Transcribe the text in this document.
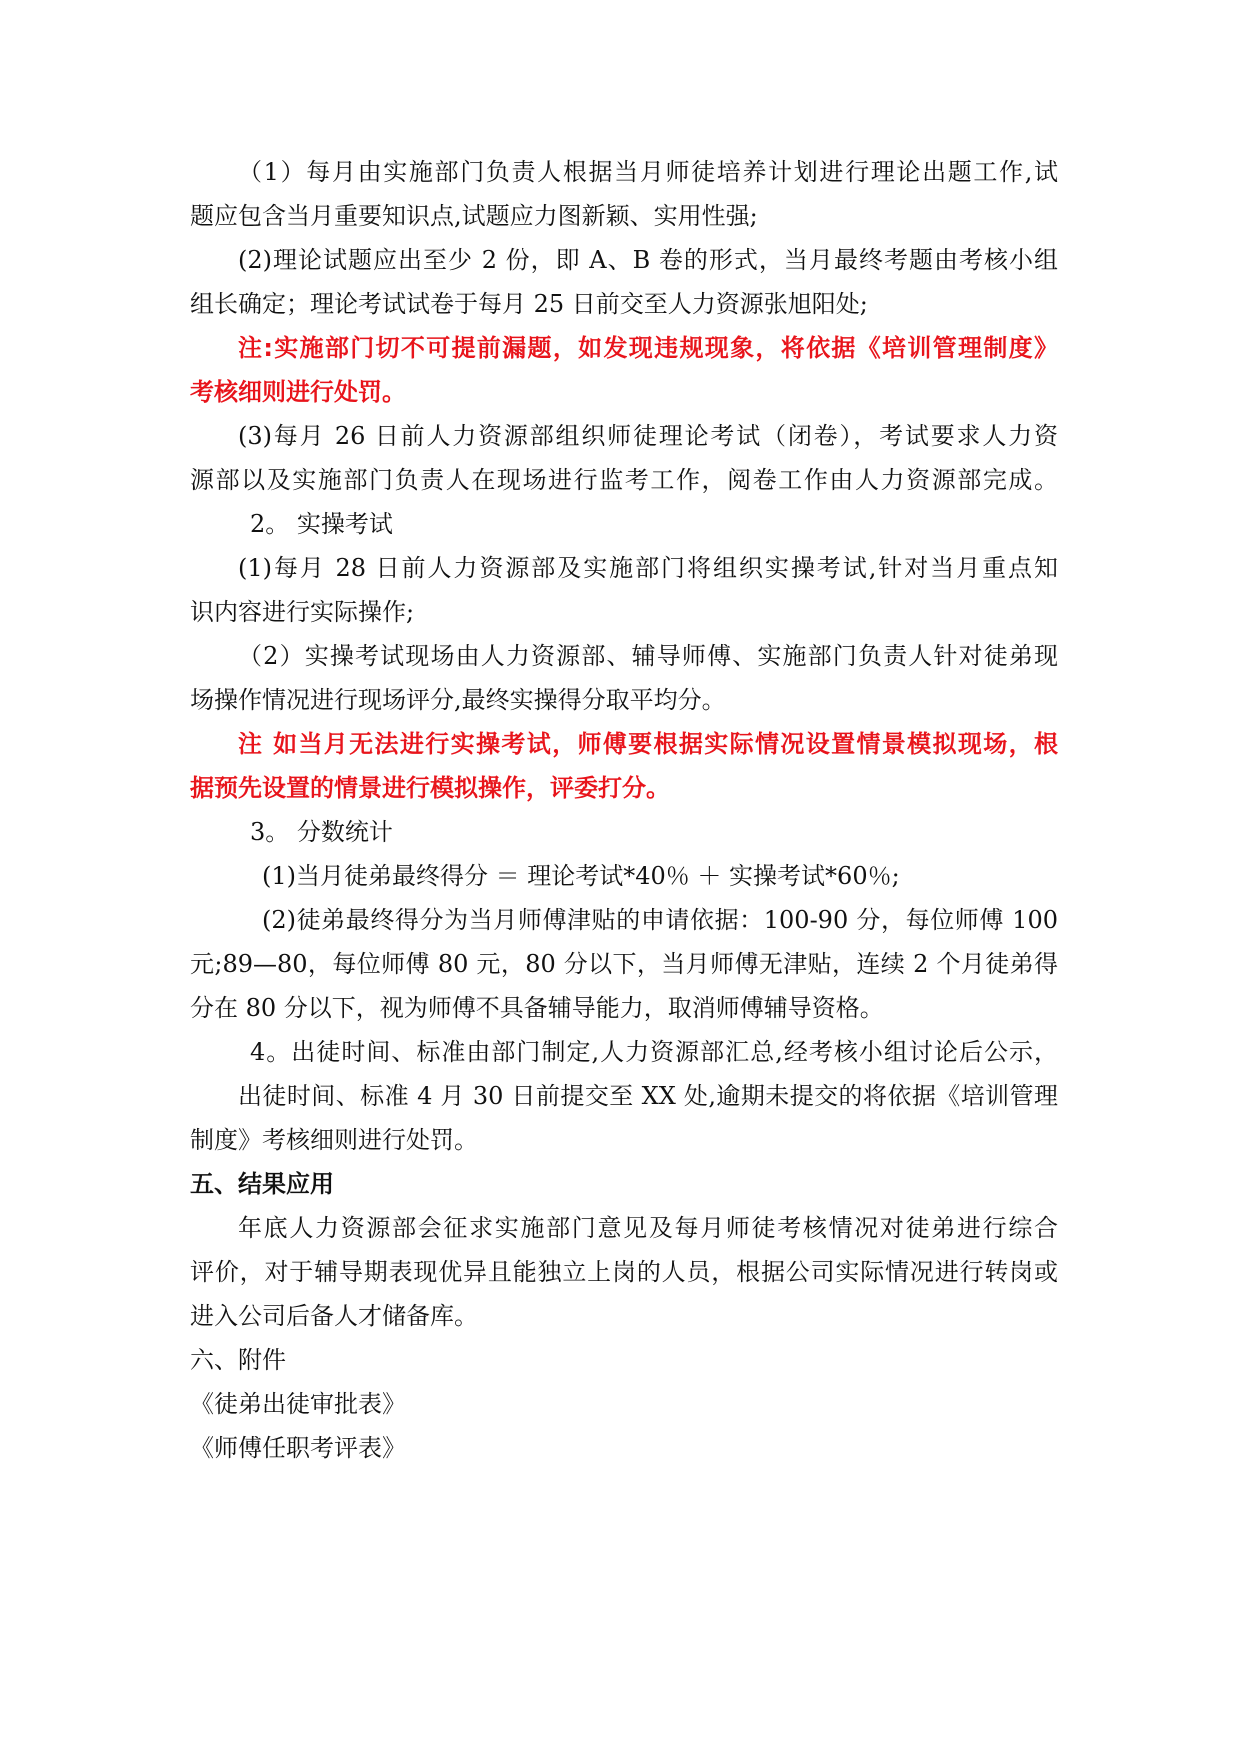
（1）每月由实施部门负责人根据当月师徒培养计划进行理论出题工作,试
题应包含当月重要知识点,试题应力图新颖、实用性强;
(2)理论试题应出至少 2 份，即 A、B 卷的形式，当月最终考题由考核小组
组长确定；理论考试试卷于每月 25 日前交至人力资源张旭阳处;
注:实施部门切不可提前漏题，如发现违规现象，将依据《培训管理制度》
考核细则进行处罚。
(3)每月 26 日前人力资源部组织师徒理论考试（闭卷），考试要求人力资
源部以及实施部门负责人在现场进行监考工作，阅卷工作由人力资源部完成。
2。 实操考试
(1)每月 28 日前人力资源部及实施部门将组织实操考试,针对当月重点知
识内容进行实际操作;
（2）实操考试现场由人力资源部、辅导师傅、实施部门负责人针对徒弟现
场操作情况进行现场评分,最终实操得分取平均分。
注 如当月无法进行实操考试，师傅要根据实际情况设置情景模拟现场，根
据预先设置的情景进行模拟操作，评委打分。
3。 分数统计
(1)当月徒弟最终得分 ＝ 理论考试*40％ ＋ 实操考试*60％;
(2)徒弟最终得分为当月师傅津贴的申请依据：100-90 分，每位师傅 100
元;89—80，每位师傅 80 元，80 分以下，当月师傅无津贴，连续 2 个月徒弟得
分在 80 分以下，视为师傅不具备辅导能力，取消师傅辅导资格。
4。出徒时间、标准由部门制定,人力资源部汇总,经考核小组讨论后公示，
出徒时间、标准 4 月 30 日前提交至 XX 处,逾期未提交的将依据《培训管理
制度》考核细则进行处罚。
五、结果应用
年底人力资源部会征求实施部门意见及每月师徒考核情况对徒弟进行综合
评价，对于辅导期表现优异且能独立上岗的人员，根据公司实际情况进行转岗或
进入公司后备人才储备库。
六、附件
《徒弟出徒审批表》
《师傅任职考评表》
